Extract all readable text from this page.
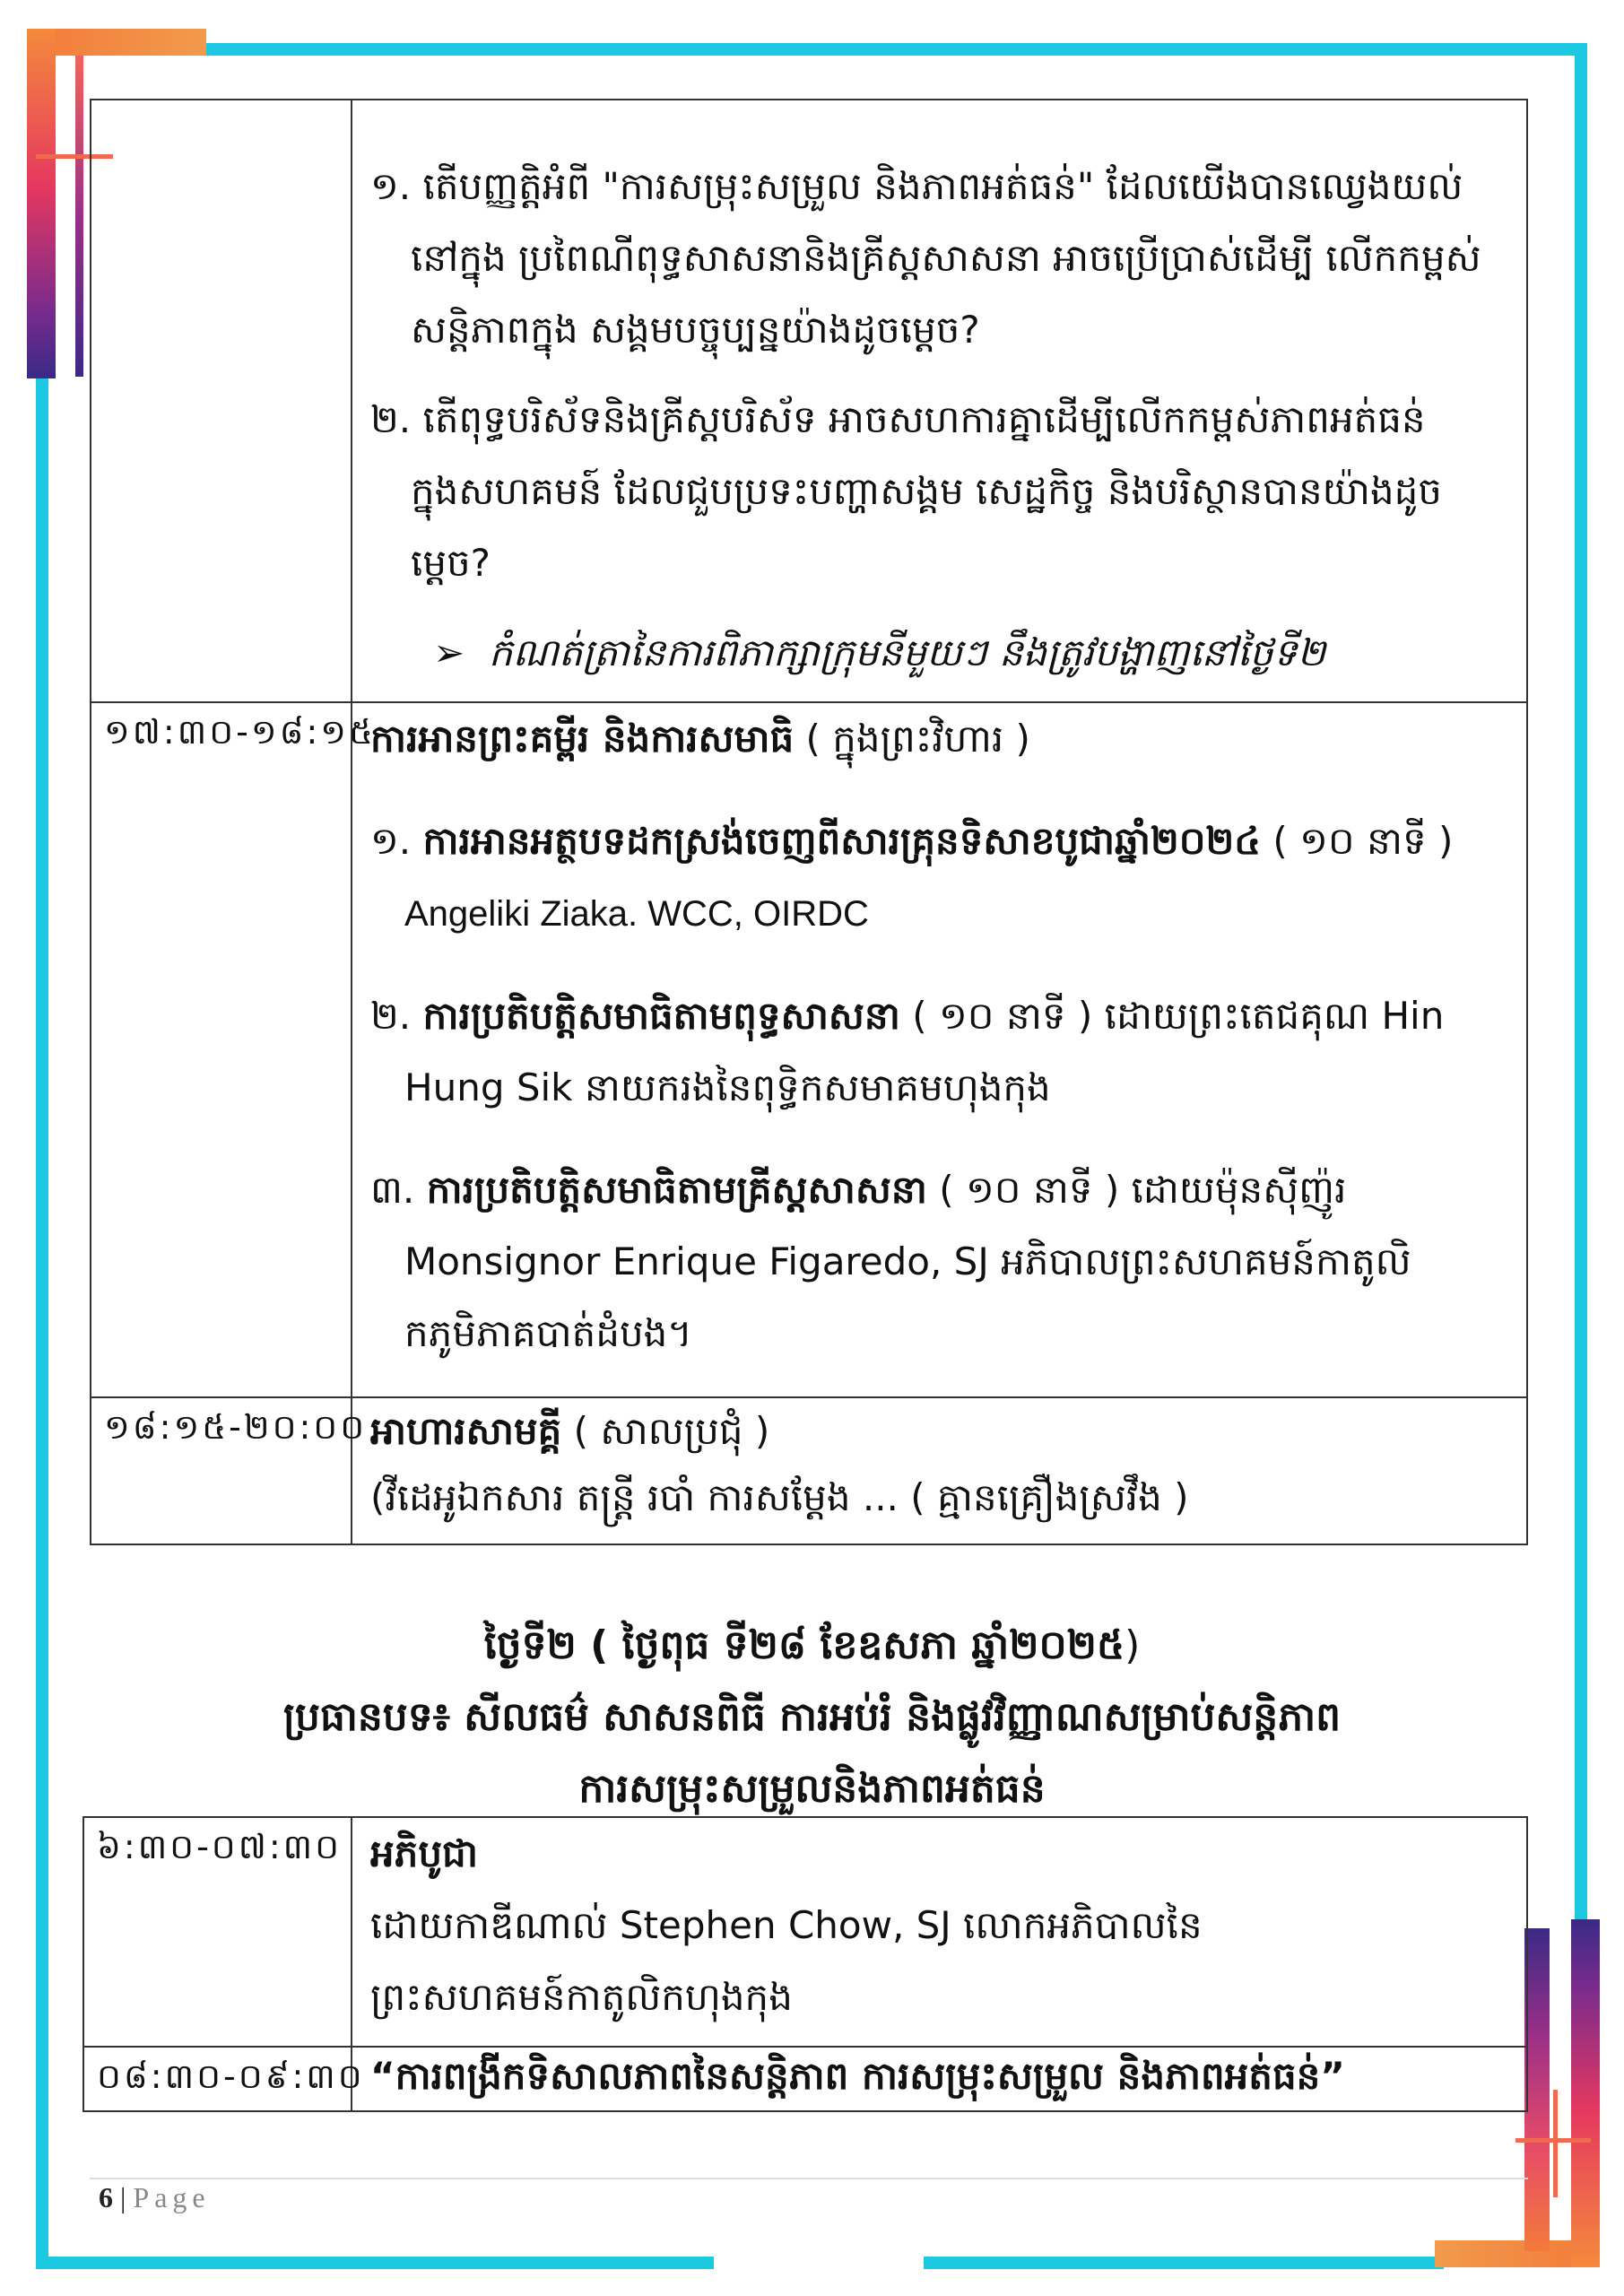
	១. តើបញ្ញត្តិអំពី "ការសម្រុះសម្រួល និងភាពអត់ធន់" ដែលយើងបានឈ្វេងយល់នៅក្នុង ប្រពៃណីពុទ្ធសាសនានិងគ្រីស្តសាសនា អាចប្រើប្រាស់ដើម្បី លើកកម្ពស់សន្តិភាពក្នុង សង្គមបច្ចុប្បន្នយ៉ាងដូចម្តេច?

២. តើពុទ្ធបរិស័ទនិងគ្រីស្តបរិស័ទ អាចសហការគ្នាដើម្បីលើកកម្ពស់ភាពអត់ធន់ក្នុងសហគមន៍ ដែលជួបប្រទះបញ្ហាសង្គម សេដ្ឋកិច្ច និងបរិស្ថានបានយ៉ាងដូចម្តេច?

➢ កំណត់ត្រានៃការពិភាក្សាក្រុមនីមួយៗ នឹងត្រូវបង្ហាញនៅថ្ងៃទី២

១៧:៣០-១៨:១៥	ការអានព្រះគម្ពីរ និងការសមាធិ ( ក្នុងព្រះវិហារ )

១. ការអានអត្ថបទដកស្រង់ចេញពីសារគ្រុនទិសាខបូជាឆ្នាំ២០២៤ ( ១០ នាទី )

Angeliki Ziaka. WCC, OIRDC

២. ការប្រតិបត្តិសមាធិតាមពុទ្ធសាសនា ( ១០ នាទី ) ដោយព្រះតេជគុណ Hin Hung Sik នាយករងនៃពុទ្ធិកសមាគមហុងកុង

៣. ការប្រតិបត្តិសមាធិតាមគ្រីស្តសាសនា ( ១០ នាទី ) ដោយម៉ុនស៊ីញ៉ូរ Monsignor Enrique Figaredo, SJ អភិបាលព្រះសហគមន៍កាតូលិកភូមិភាគបាត់ដំបង។

១៨:១៥-២០:០០	អាហារសាមគ្គី ( សាលប្រជុំ )

(វីដេអូឯកសារ តន្ត្រី របាំ ការសម្តែង ... ( គ្មានគ្រឿងស្រវឹង )

ថ្ងៃទី២ ( ថ្ងៃពុធ ទី២៨ ខែឧសភា ឆ្នាំ២០២៥)
ប្រធានបទ៖ សីលធម៌ សាសនពិធី ការអប់រំ និងផ្លូវវិញ្ញាណសម្រាប់សន្តិភាព
ការសម្រុះសម្រួលនិងភាពអត់ធន់
៦:៣០-០៧:៣០	អភិបូជា

ដោយកាឌីណាល់ Stephen Chow, SJ លោកអភិបាលនៃព្រះសហគមន៍កាតូលិកហុងកុង

០៨:៣០-០៩:៣០	“ការពង្រីកទិសាលភាពនៃសន្តិភាព ការសម្រុះសម្រួល និងភាពអត់ធន់”

6 | Page
